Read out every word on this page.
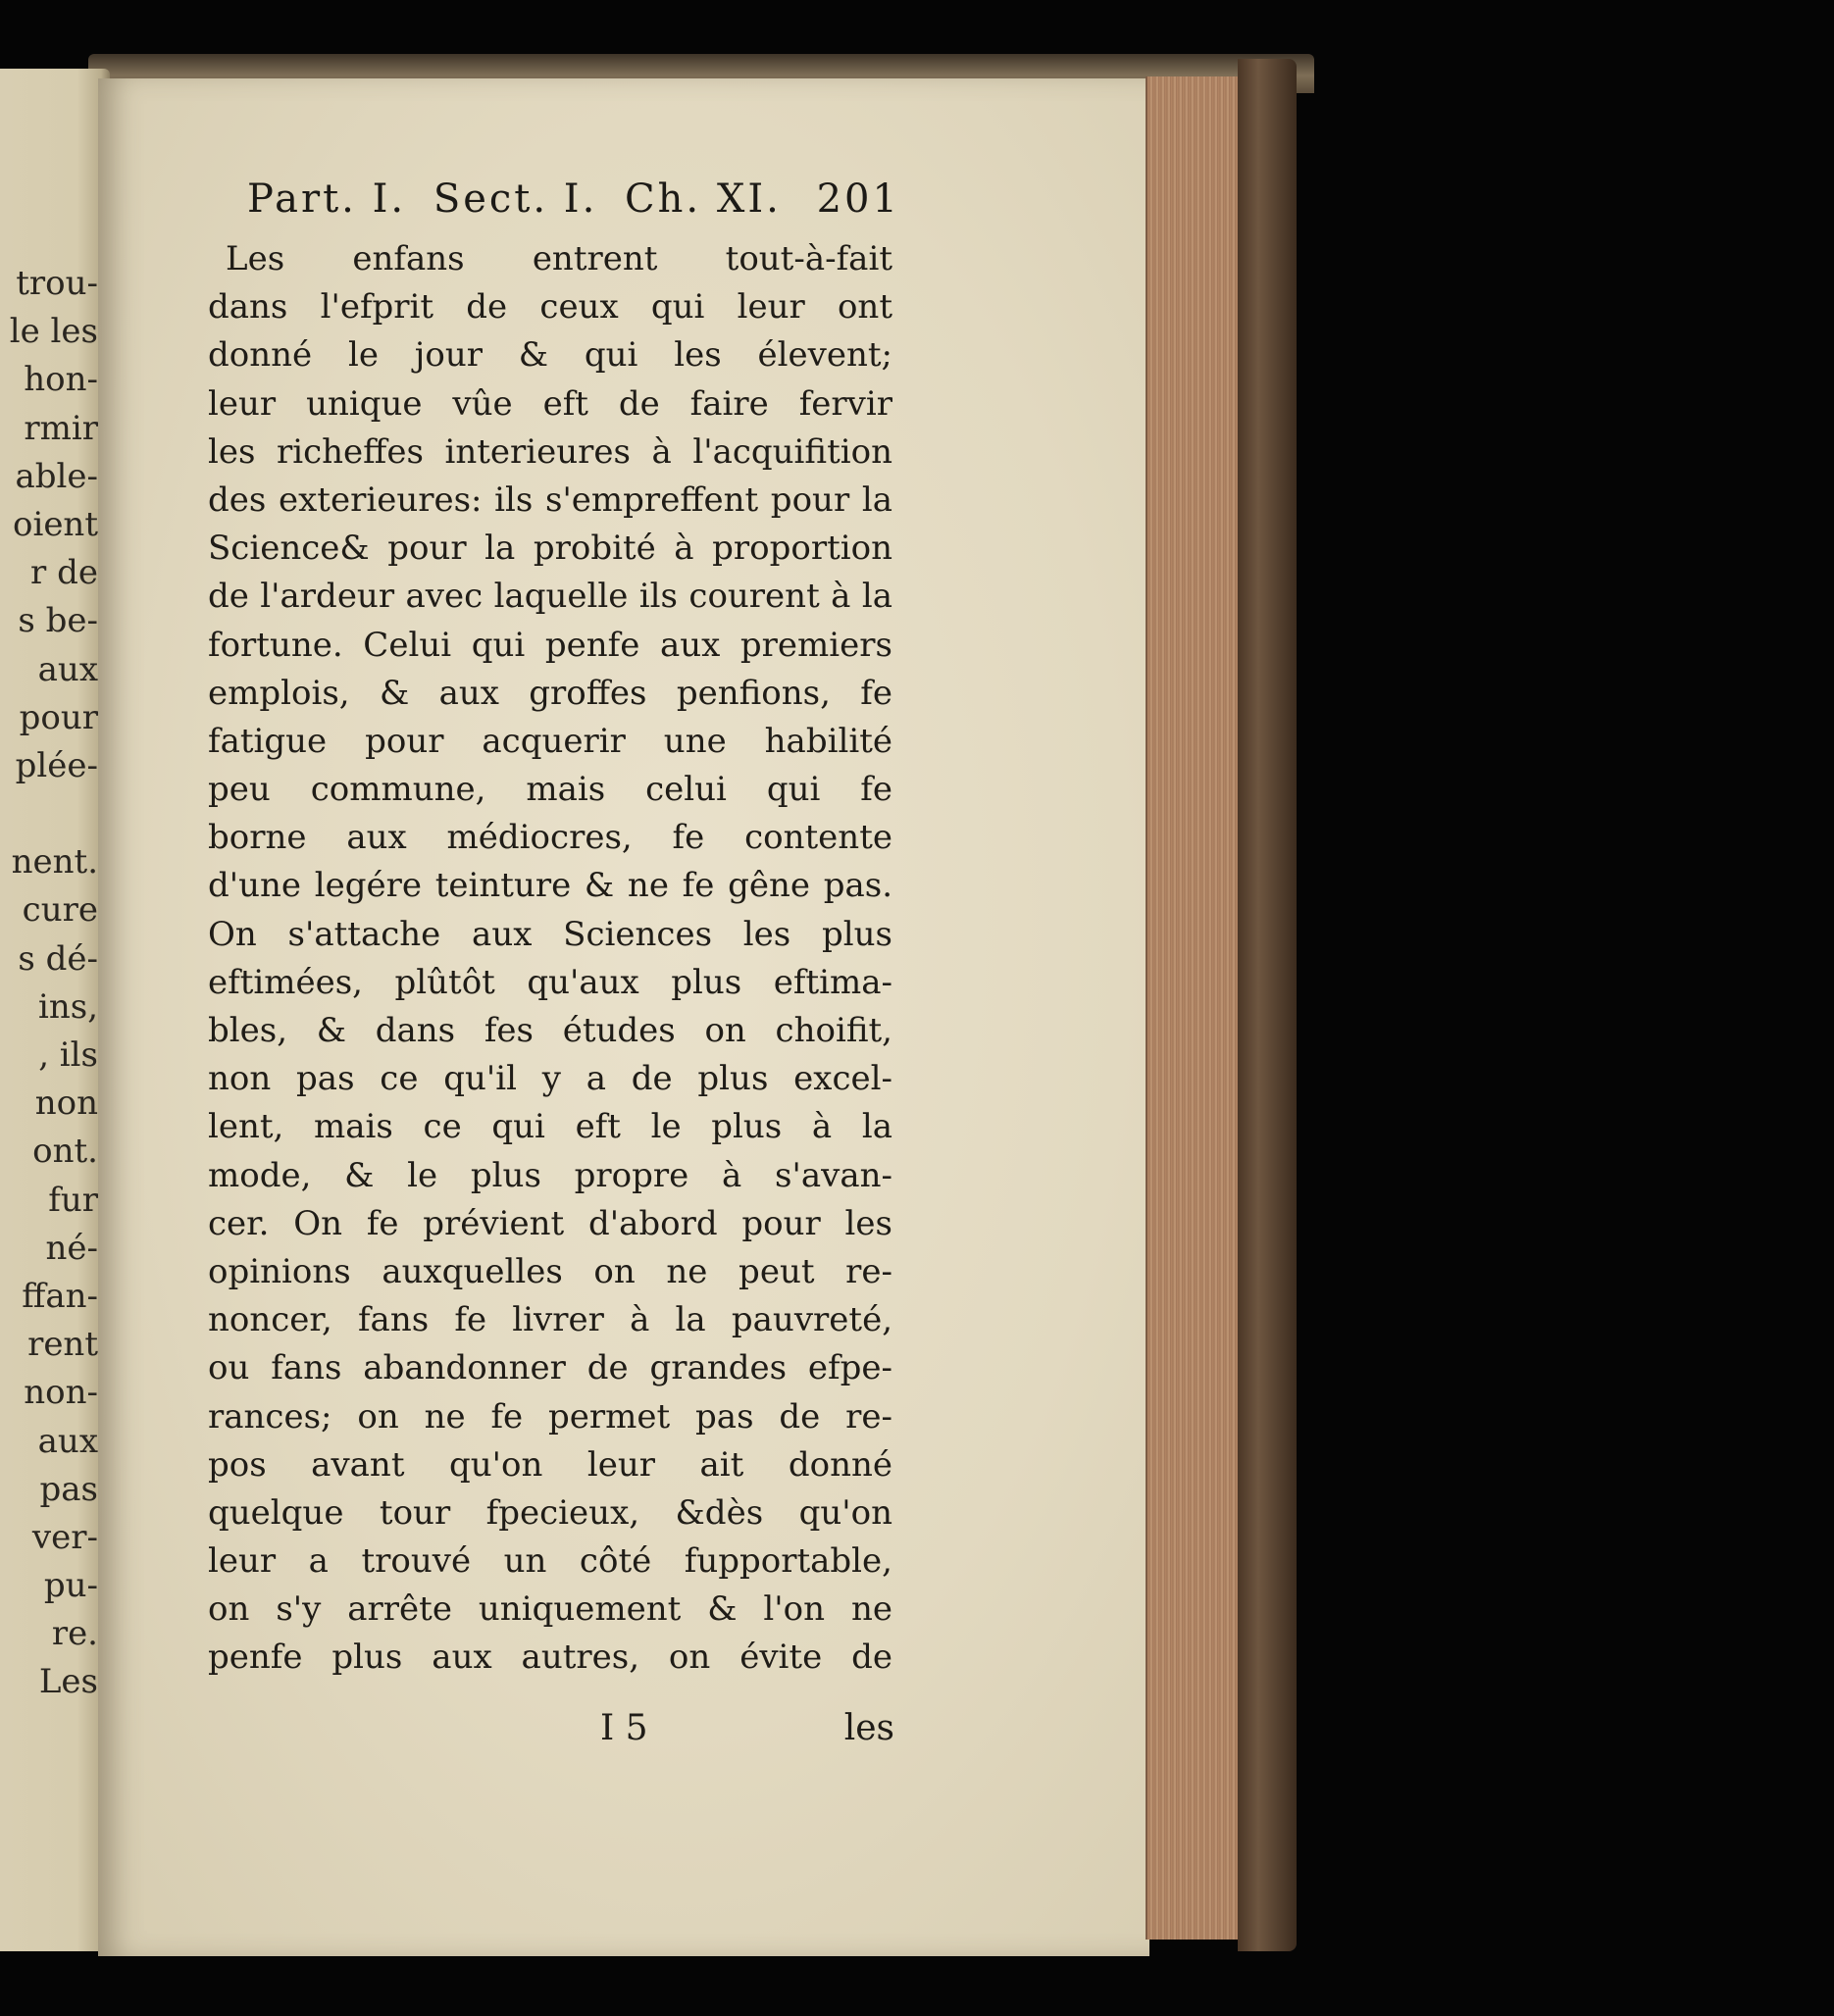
trou-
le les
hon-
rmir
able-
oient
r de
s be-
aux
pour
plée-
nent.
cure
s dé-
ins,
, ils
non
ont.
fur
né-
ffan-
rent
non-
aux
pas
ver-
pu-
re.
Les
Part. I. Sect. I. Ch. XI. 201
Les enfans entrent tout-à-fait
dans l'efprit de ceux qui leur ont
donné le jour & qui les élevent;
leur unique vûe eft de faire fervir
les richeffes interieures à l'acquifition
des exterieures: ils s'empreffent pour la
Science& pour la probité à proportion
de l'ardeur avec laquelle ils courent à la
fortune. Celui qui penfe aux premiers
emplois, & aux groffes penfions, fe
fatigue pour acquerir une habilité
peu commune, mais celui qui fe
borne aux médiocres, fe contente
d'une legére teinture & ne fe gêne pas.
On s'attache aux Sciences les plus
eftimées, plûtôt qu'aux plus eftima-
bles, & dans fes études on choifit,
non pas ce qu'il y a de plus excel-
lent, mais ce qui eft le plus à la
mode, & le plus propre à s'avan-
cer. On fe prévient d'abord pour les
opinions auxquelles on ne peut re-
noncer, fans fe livrer à la pauvreté,
ou fans abandonner de grandes efpe-
rances; on ne fe permet pas de re-
pos avant qu'on leur ait donné
quelque tour fpecieux, &dès qu'on
leur a trouvé un côté fupportable,
on s'y arrête uniquement & l'on ne
penfe plus aux autres, on évite de
I 5	les
